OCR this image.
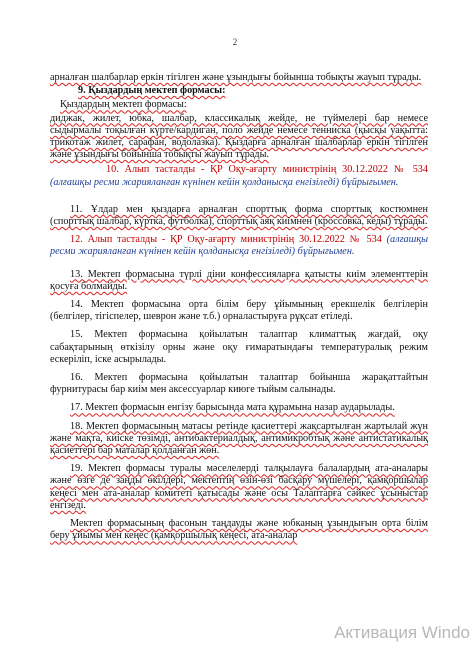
2

арналған шалбарлар еркін тігілген және ұзындығы бойынша тобықты жауып тұрады.

9. Қыздардың мектеп формасы:

Қыздардың мектеп формасы:

диджак, жилет, юбка, шалбар, классикалық жейде, не түймелері бар немесе сыдырмалы тоқылған күрте/кардиган, поло жейде немесе тенниска (қысқы уақытта: трикотаж жилет, сарафан, водолазка). Қыздарға арналған шалбарлар еркін тігілген және ұзындығы бойынша тобықты жауып тұрады.

10. Алып тасталды - ҚР Оқу-ағарту министрінің 30.12.2022 № 534 (алғашқы ресми жарияланған күнінен кейін қолданысқа енгізіледі) бұйрығымен.

11. Ұлдар мен қыздарға арналған спорттық форма спорттық костюмнен (спорттық шалбар, күртка, футболка), спорттық аяқ киімнен (кроссовка, кеды) тұрады.

12. Алып тасталды - ҚР Оқу-ағарту министрінің 30.12.2022 № 534 (алғашқы ресми жарияланған күнінен кейін қолданысқа енгізіледі) бұйрығымен.

13. Мектеп формасына түрлі діни конфессияларға қатысты киім элементтерін қосуға болмайды.

14. Мектеп формасына орта білім беру ұйымының ерекшелік белгілерін (белгілер, тігіспелер, шеврон және т.б.) орналастыруға рұқсат етіледі.

15. Мектеп формасына қойылатын талаптар климаттық жағдай, оқу сабақтарының өткізілу орны және оқу ғимаратындағы температуралық режим ескеріліп, іске асырылады.

16. Мектеп формасына қойылатын талаптар бойынша жарақаттайтын фурнитурасы бар киім мен аксессуарлар киюге тыйым салынады.

17. Мектеп формасын енгізу барысында мата құрамына назар аударылады.

18. Мектеп формасының матасы ретінде қасиеттері жақсартылған жартылай жүн және мақта, киіске төзімді, антибактериалдық, антимикробтық және антистатикалық қасиеттері бар маталар қолданған жөн.

19. Мектеп формасы туралы мәселелерді талқылауға балалардың ата-аналары және өзге де заңды өкілдері, мектептің өзін-өзі басқару мүшелері, қамқоршылар кеңесі мен ата-аналар комитеті қатысады және осы Талаптарға сәйкес ұсыныстар енгізеді.

Мектеп формасының фасонын таңдауды және юбканың ұзындығын орта білім беру ұйымы мен кеңес (қамқоршылық кеңесі, ата-аналар

Активация Windo
